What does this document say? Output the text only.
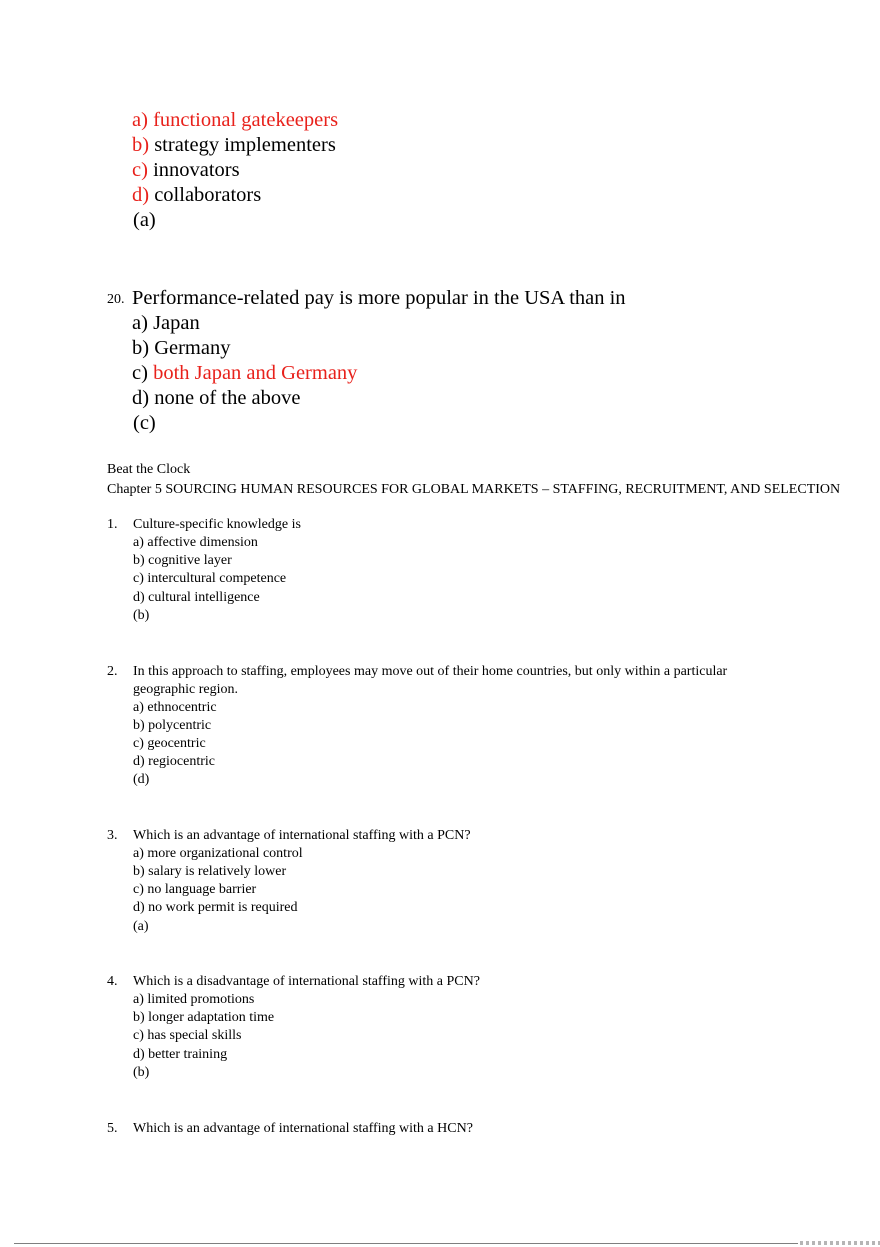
a) functional gatekeepers
b) strategy implementers
c) innovators
d) collaborators
(a)
20. Performance-related pay is more popular in the USA than in
a) Japan
b) Germany
c) both Japan and Germany
d) none of the above
(c)
Beat the Clock
Chapter 5 SOURCING HUMAN RESOURCES FOR GLOBAL MARKETS – STAFFING, RECRUITMENT, AND SELECTION
1. Culture-specific knowledge is
a) affective dimension
b) cognitive layer
c) intercultural competence
d) cultural intelligence
(b)
2. In this approach to staffing, employees may move out of their home countries, but only within a particular
geographic region.
a) ethnocentric
b) polycentric
c) geocentric
d) regiocentric
(d)
3. Which is an advantage of international staffing with a PCN?
a) more organizational control
b) salary is relatively lower
c) no language barrier
d) no work permit is required
(a)
4. Which is a disadvantage of international staffing with a PCN?
a) limited promotions
b) longer adaptation time
c) has special skills
d) better training
(b)
5. Which is an advantage of international staffing with a HCN?
